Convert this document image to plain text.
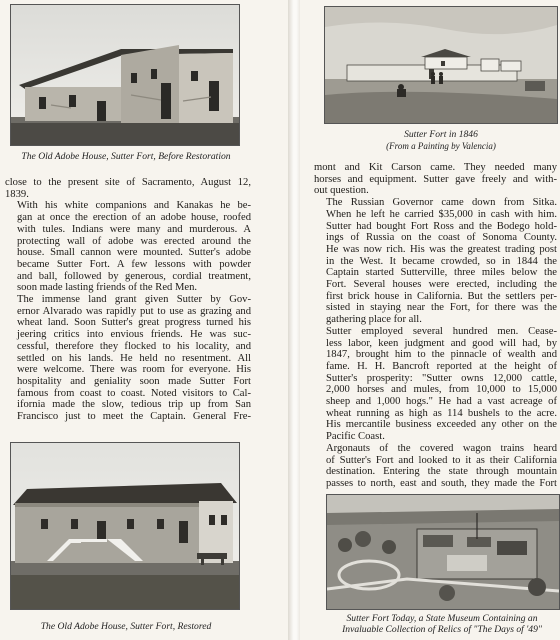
The Old Adobe House, Sutter Fort, Before Restoration

close to the present site of Sacramento, August 12,
1839.

With his white companions and Kanakas he be-
gan at once the erection of an adobe house, roofed
with tules. Indians were many and murderous. A
protecting wall of adobe was erected around the
house. Small cannon were mounted. Sutter's adobe
became Sutter Fort. A few lessons with powder
and ball, followed by generous, cordial treatment,
soon made lasting friends of the Red Men.

The immense land grant given Sutter by Gov-
ernor Alvarado was rapidly put to use as grazing and
wheat land. Soon Sutter's great progress turned his
jeering critics into envious friends. He was suc-
cessful, therefore they flocked to his locality, and
settled on his lands. He held no resentment. All
were welcome. There was room for everyone. His
hospitality and geniality soon made Sutter Fort
famous from coast to coast. Noted visitors to Cal-
ifornia made the slow, tedious trip up from San
Francisco just to meet the Captain. General Fre-

The Old Adobe House, Sutter Fort, Restored
Sutter Fort in 1846
(From a Painting by Valencia)

mont and Kit Carson came. They needed many
horses and equipment. Sutter gave freely and with-
out question.

The Russian Governor came down from Sitka.
When he left he carried $35,000 in cash with him.
Sutter had bought Fort Ross and the Bodego hold-
ings of Russia on the coast of Sonoma County.
He was now rich. His was the greatest trading post
in the West. It became crowded, so in 1844 the
Captain started Sutterville, three miles below the
Fort. Several houses were erected, including the
first brick house in California. But the settlers per-
sisted in staying near the Fort, for there was the
gathering place for all.

Sutter employed several hundred men. Cease-
less labor, keen judgment and good will had, by
1847, brought him to the pinnacle of wealth and
fame. H. H. Bancroft reported at the height of
Sutter's prosperity: "Sutter owns 12,000 cattle,
2,000 horses and mules, from 10,000 to 15,000
sheep and 1,000 hogs." He had a vast acreage of
wheat running as high as 114 bushels to the acre.
His mercantile business exceeded any other on the
Pacific Coast.

Argonauts of the covered wagon trains heard
of Sutter's Fort and looked to it as their California
destination. Entering the state through mountain
passes to north, east and south, they made the Fort

Sutter Fort Today, a State Museum Containing an
Invaluable Collection of Relics of "The Days of '49"
